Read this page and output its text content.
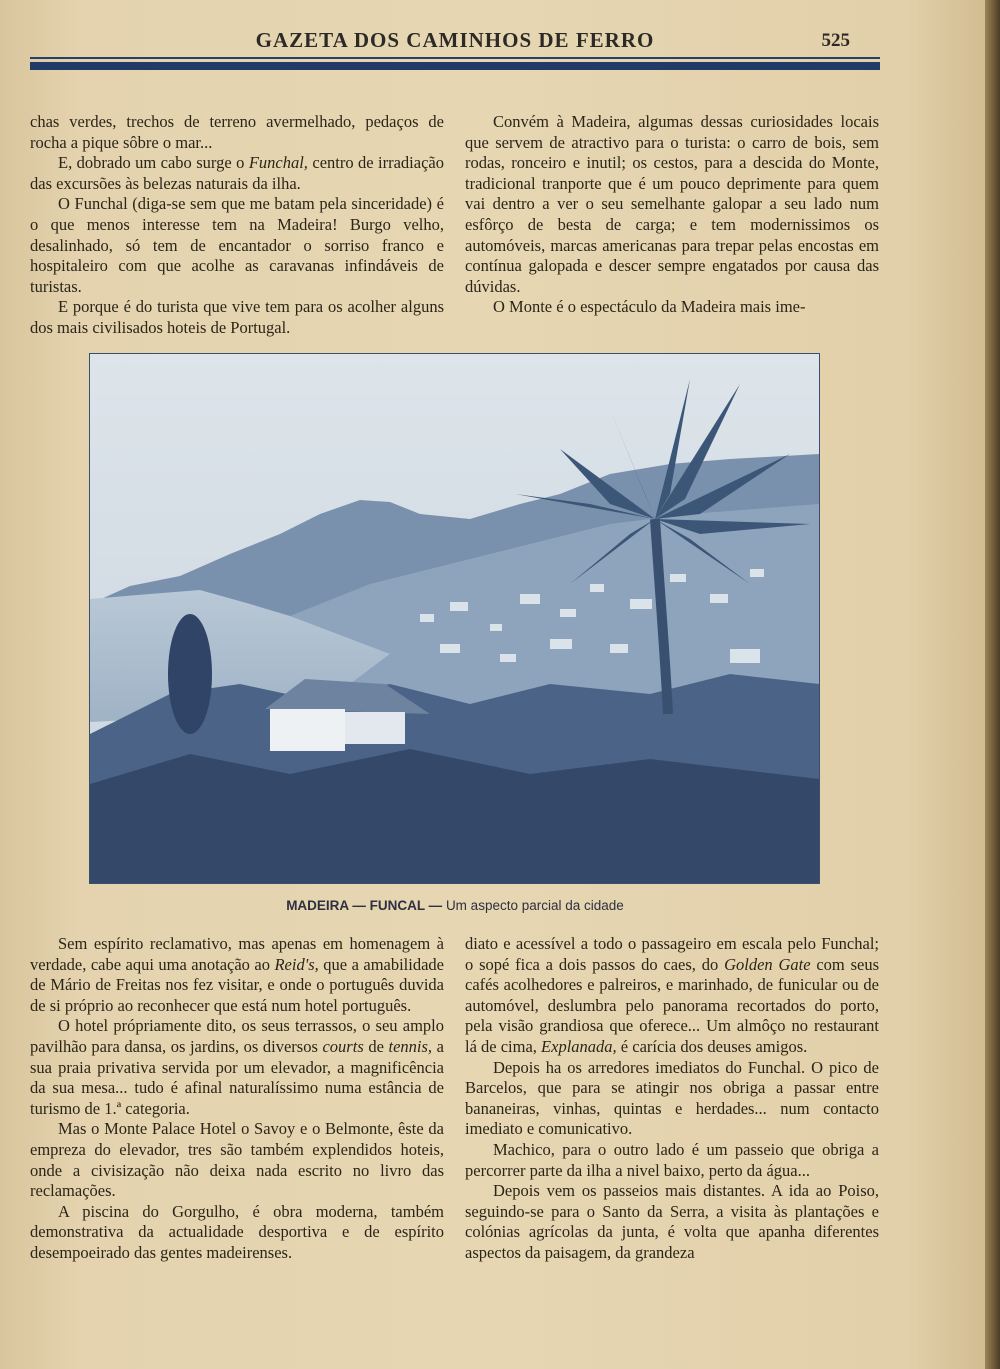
GAZETA DOS CAMINHOS DE FERRO	525

chas verdes, trechos de terreno avermelhado, pedaços de rocha a pique sôbre o mar...

E, dobrado um cabo surge o Funchal, centro de irradiação das excursões às belezas naturais da ilha.

O Funchal (diga-se sem que me batam pela sinceridade) é o que menos interesse tem na Madeira! Burgo velho, desalinhado, só tem de encantador o sorriso franco e hospitaleiro com que acolhe as caravanas infindáveis de turistas.

E porque é do turista que vive tem para os acolher alguns dos mais civilisados hoteis de Portugal.

Convém à Madeira, algumas dessas curiosidades locais que servem de atractivo para o turista: o carro de bois, sem rodas, ronceiro e inutil; os cestos, para a descida do Monte, tradicional tranporte que é um pouco deprimente para quem vai dentro a ver o seu semelhante galopar a seu lado num esfôrço de besta de carga; e tem modernissimos os automóveis, marcas americanas para trepar pelas encostas em contínua galopada e descer sempre engatados por causa das dúvidas.

O Monte é o espectáculo da Madeira mais ime-

MADEIRA — FUNCAL — Um aspecto parcial da cidade

Sem espírito reclamativo, mas apenas em homenagem à verdade, cabe aqui uma anotação ao Reid's, que a amabilidade de Mário de Freitas nos fez visitar, e onde o português duvida de si próprio ao reconhecer que está num hotel português.

O hotel própriamente dito, os seus terrassos, o seu amplo pavilhão para dansa, os jardins, os diversos courts de tennis, a sua praia privativa servida por um elevador, a magnificência da sua mesa... tudo é afinal naturalíssimo numa estância de turismo de 1.ª categoria.

Mas o Monte Palace Hotel o Savoy e o Belmonte, êste da empreza do elevador, tres são também explendidos hoteis, onde a civisização não deixa nada escrito no livro das reclamações.

A piscina do Gorgulho, é obra moderna, também demonstrativa da actualidade desportiva e de espírito desempoeirado das gentes madeirenses.

diato e acessível a todo o passageiro em escala pelo Funchal; o sopé fica a dois passos do caes, do Golden Gate com seus cafés acolhedores e palreiros, e marinhado, de funicular ou de automóvel, deslumbra pelo panorama recortados do porto, pela visão grandiosa que oferece... Um almôço no restaurant lá de cima, Explanada, é carícia dos deuses amigos.

Depois ha os arredores imediatos do Funchal. O pico de Barcelos, que para se atingir nos obriga a passar entre bananeiras, vinhas, quintas e herdades... num contacto imediato e comunicativo.

Machico, para o outro lado é um passeio que obriga a percorrer parte da ilha a nivel baixo, perto da água...

Depois vem os passeios mais distantes. A ida ao Poiso, seguindo-se para o Santo da Serra, a visita às plantações e colónias agrícolas da junta, é volta que apanha diferentes aspectos da paisagem, da grandeza
